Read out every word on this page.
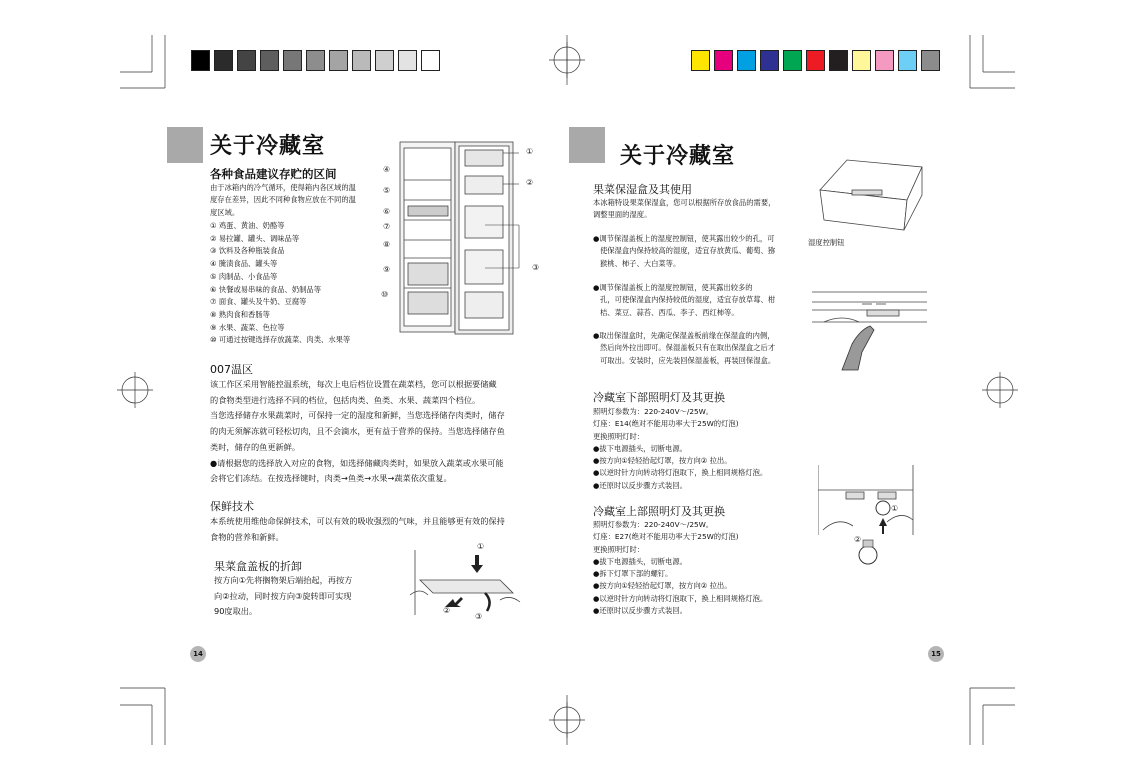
关于冷藏室
各种食品建议存贮的区间
由于冰箱内的冷气循环，使得箱内各区域的温
度存在差异，因此不同种食物应放在不同的温
度区域。
① 鸡蛋、黄油、奶酪等
② 易拉罐、罐头、调味品等
③ 饮料及各种瓶装食品
④ 腌渍食品、罐头等
⑤ 肉制品、小食品等
⑥ 快餐或易串味的食品、奶制品等
⑦ 面食、罐头及牛奶、豆腐等
⑧ 熟肉食和香肠等
⑨ 水果、蔬菜、色拉等
⑩ 可通过按键选择存放蔬菜、肉类、水果等
①
②
③
④
⑤
⑥
⑦
⑧
⑨
⑩
007温区
该工作区采用智能控温系统，每次上电后档位设置在蔬菜档，您可以根据要储藏
的食物类型进行选择不同的档位，包括肉类、鱼类、水果、蔬菜四个档位。
当您选择储存水果蔬菜时，可保持一定的湿度和新鲜，当您选择储存肉类时，储存
的肉无须解冻就可轻松切肉，且不会滴水，更有益于营养的保持。当您选择储存鱼
类时，储存的鱼更新鲜。
●请根据您的选择放入对应的食物，如选择储藏肉类时，如果放入蔬菜或水果可能
会将它们冻结。在按选择键时，肉类→鱼类→水果→蔬菜依次重复。
保鲜技术
本系统使用维他命保鲜技术，可以有效的吸收强烈的气味，并且能够更有效的保持
食物的营养和新鲜。
果菜盒盖板的折卸
按方向①先将搁物架后端抬起，再按方
向②拉动，同时按方向③旋转即可实现
90度取出。
①
②
③
14
关于冷藏室
果菜保湿盒及其使用
本冰箱特设果菜保湿盒，您可以根据所存放食品的需要，
调整里面的湿度。
●调节保湿盖板上的湿度控制钮，使其露出较少的孔，可
使保湿盒内保持较高的湿度，适宜存放黄瓜、葡萄、猕
猴桃、柿子、大白菜等。
●调节保湿盖板上的湿度控制钮，使其露出较多的
孔，可使保湿盒内保持较低的湿度，适宜存放草莓、柑
桔、菜豆、蒜苔、西瓜、李子、西红柿等。
●取出保湿盒时，先确定保湿盖板前缘在保湿盒的内侧，
然后向外拉出即可。保湿盖板只有在取出保湿盒之后才
可取出。安装时，应先装回保湿盖板，再装回保湿盒。
湿度控制钮
冷藏室下部照明灯及其更换
照明灯参数为：220-240V～/25W。
灯座：E14(绝对不能用功率大于25W的灯泡)
更换照明灯时：
●拔下电源插头，切断电源。
●按方向①轻轻抬起灯罩，按方向② 拉出。
●以逆时针方向转动将灯泡取下，换上相同规格灯泡。
●还原时以反步骤方式装回。
①
②
冷藏室上部照明灯及其更换
照明灯参数为：220-240V～/25W。
灯座：E27(绝对不能用功率大于25W的灯泡)
更换照明灯时：
●拔下电源插头，切断电源。
●拆下灯罩下部的螺钉。
●按方向①轻轻抬起灯罩，按方向② 拉出。
●以逆时针方向转动将灯泡取下，换上相同规格灯泡。
●还原时以反步骤方式装回。
15
